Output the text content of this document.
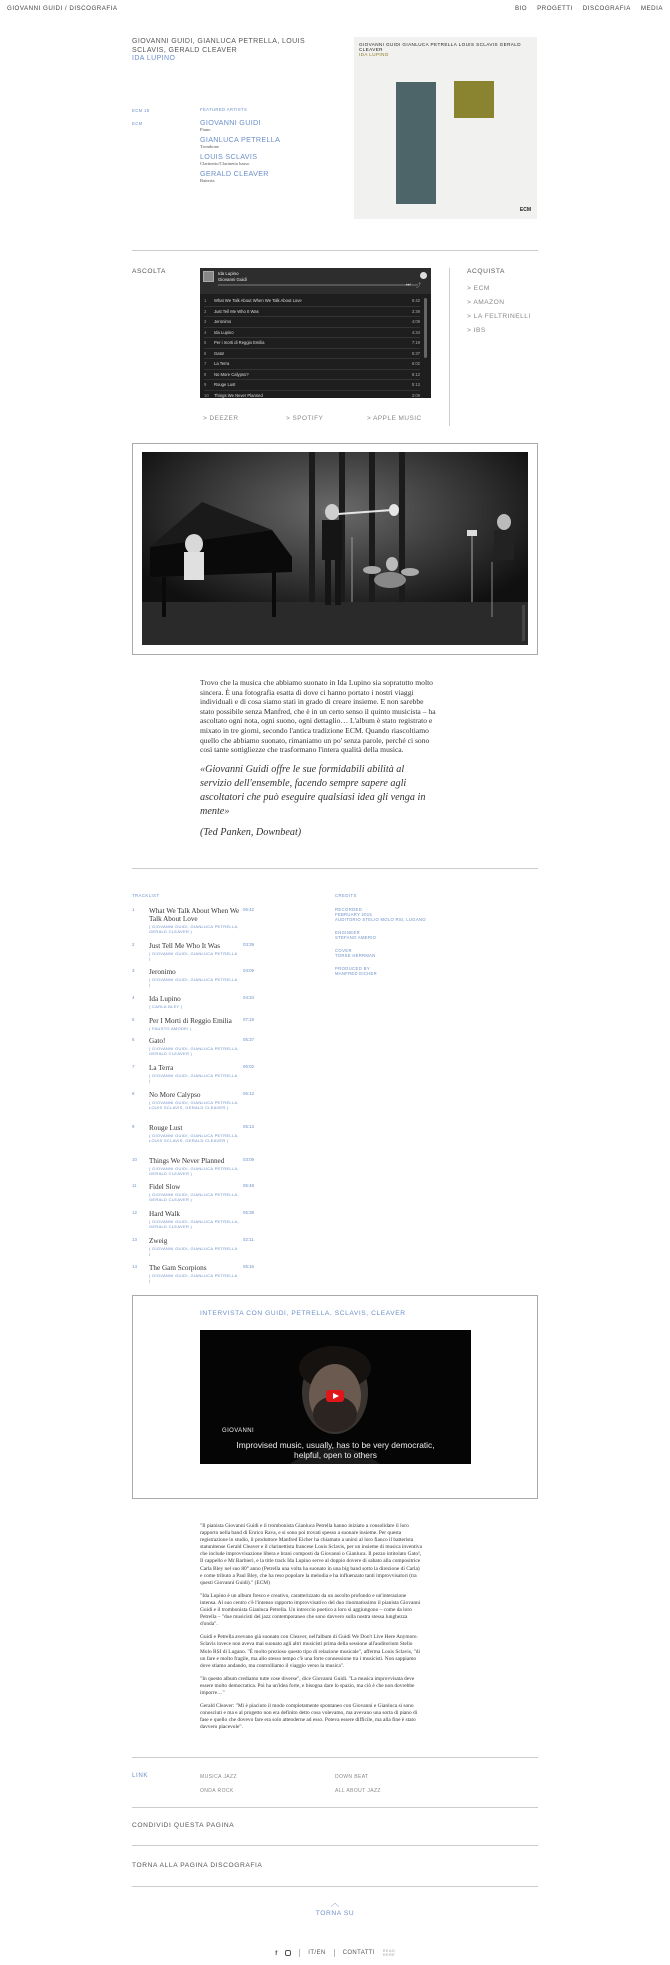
GIOVANNI GUIDI / DISCOGRAFIA	BIO PROGETTI DISCOGRAFIA MEDIA
GIOVANNI GUIDI, GIANLUCA PETRELLA, LOUIS SCLAVIS, GERALD CLEAVER
IDA LUPINO
ECM 18
ECM
FEATURED ARTISTS
GIOVANNI GUIDI
Piano
GIANLUCA PETRELLA
Trombone
LOUIS SCLAVIS
Clarinetto/Clarinetto basso
GERALD CLEAVER
Batteria
GIOVANNI GUIDI GIANLUCA PETRELLA LOUIS SCLAVIS GERALD CLEAVER
IDA LUPINO
ECM
ASCOLTA	Ida Lupino
Giovanni Guidi
⏭ ⤴
1	What We Talk About When We Talk About Love	6:42
2	Just Tell Me Who It Was	3:39
3	Jeronimo	4:09
4	Ida Lupino	4:34
5	Per i morti di Reggio Emilia	7:19
6	Gato!	5:37
7	La Terra	6:02
8	No More Calypso?	6:12
9	Rouge Lust	5:13
10	Things We Never Planned	3:09
> DEEZER	> SPOTIFY	> APPLE MUSIC
ACQUISTA
> ECM
> AMAZON
> LA FELTRINELLI
> IBS

Trovo che la musica che abbiamo suonato in Ida Lupino sia sopratutto molto sincera. È una fotografia esatta di dove ci hanno portato i nostri viaggi individuali e di cosa siamo stati in grado di creare insieme. E non sarebbe stato possibile senza Manfred, che è in un certo senso il quinto musicista – ha ascoltato ogni nota, ogni suono, ogni dettaglio… L'album è stato registrato e mixato in tre giorni, secondo l'antica tradizione ECM. Quando riascoltiamo quello che abbiamo suonato, rimaniamo un po' senza parole, perché ci sono così tante sottigliezze che trasformano l'intera qualità della musica.

«Giovanni Guidi offre le sue formidabili abilità al servizio dell'ensemble, facendo sempre sapere agli ascoltatori che può eseguire qualsiasi idea gli venga in mente»
(Ted Panken, Downbeat)
TRACKLIST
1 What We Talk About When We Talk About Love
( GIOVANNI GUIDI, GIANLUCA PETRELLA, GERALD CLEAVER )
06:42
2 Just Tell Me Who It Was
( GIOVANNI GUIDI, GIANLUCA PETRELLA )
03:39
3 Jeronimo
( GIOVANNI GUIDI, GIANLUCA PETRELLA )
04:09
4 Ida Lupino
( CARLA BLEY )
04:34
5 Per I Morti di Reggio Emilia
( FAUSTO AMODEI )
07:19
6 Gato!
( GIOVANNI GUIDI, GIANLUCA PETRELLA, GERALD CLEAVER )
05:37
7 La Terra
( GIOVANNI GUIDI, GIANLUCA PETRELLA )
06:02
8 No More Calypso
( GIOVANNI GUIDI, GIANLUCA PETRELLA, LOUIS SCLAVIS, GERALD CLEAVER )
06:12
9 Rouge Lust
( GIOVANNI GUIDI, GIANLUCA PETRELLA, LOUIS SCLAVIS, GERALD CLEAVER )
05:13
10 Things We Never Planned
( GIOVANNI GUIDI, GIANLUCA PETRELLA, GERALD CLEAVER )
03:09
11 Fidel Slow
( GIOVANNI GUIDI, GIANLUCA PETRELLA, GERALD CLEAVER )
05:48
12 Hard Walk
( GIOVANNI GUIDI, GIANLUCA PETRELLA, GERALD CLEAVER )
05:39
13 Zweig
( GIOVANNI GUIDI, GIANLUCA PETRELLA )
02:11
14 The Gam Scorpions
( GIOVANNI GUIDI, GIANLUCA PETRELLA )
05:16
CREDITS
RECORDED
FEBRUARY 2015
AUDITORIO STELIO MOLO RSI, LUGANO
ENGINEER
STEFANO AMERIO
COVER
TORSE HERRMAN
PRODUCED BY
MANFRED EICHER
INTERVISTA CON GUIDI, PETRELLA, SCLAVIS, CLEAVER
GIOVANNI
Improvised music, usually, has to be very democratic,
helpful, open to others

"Il pianista Giovanni Guidi e il trombonista Gianluca Petrella hanno iniziato a consolidare il loro rapporto nella band di Enrico Rava, e si sono poi trovati spesso a suonare insieme. Per questa registrazione in studio, il produttore Manfred Eicher ha chiamato a unirsi al loro fianco il batterista statunitense Gerald Cleaver e il clarinettista francese Louis Sclavis, per un insieme di musica inventiva che include improvvisazione libera e brani composti da Giovanni o Gianluca. Il pezzo intitolato Gato!, Il cappello e Mr Barbieri, e la title track Ida Lupino serve al doppio dovere di sabato alla compositrice Carla Bley nel suo 80° anno (Petrella una volta ha suonato in una big band sotto la direzione di Carla) e come tributo a Paul Bley, che ha reso popolare la melodia e ha influenzato tanti improvvisatori (tra questi Giovanni Guidi)." (ECM)

"Ida Lupino è un album fresco e creativo, caratterizzato da un ascolto profondo e un'interazione intensa. Al suo centro c'è l'intenso rapporto improvvisativo del duo rinomatissimo il pianista Giovanni Guidi e il trombonista Gianluca Petrella. Un intreccio poetico a loro si aggiungono – come da loro Petrella – "due musicisti del jazz contemporaneo che sono davvero sulla nostra stessa lunghezza d'onda".

Guidi e Petrella avevano già suonato con Cleaver, nell'album di Guidi We Don't Live Here Anymore. Sclavis invece non aveva mai suonato agli altri musicisti prima della sessione all'auditorium Stelio Molo RSI di Lugano. "È molto prezioso questo tipo di relazione musicale", afferma Louis Sclavis, "di un fare e molto fragile, ma allo stesso tempo c'è una forte connessione tra i musicisti. Non sappiamo dove stiamo andando, ma controlliamo il viaggio verso la musica".

"In questo album crediamo tutte cose diverse", dice Giovanni Guidi. "La musica improvvisata deve essere molto democratica. Poi ha un'idea forte, e bisogna dare lo spazio, ma ciò è che non dovrebbe imporre…"

Gerald Cleaver: "Mi è piaciuto il modo completamente spontaneo con Giovanni e Gianluca si sono conosciuti e ma e al progetto non era definito detto cosa volevamo, ma avevano una sorta di piano di fase e quello che dovevo fare era solo attenderne ad esso. Poteva essere difficile, ma alla fine è stato davvero piacevole".

LINK	MUSICA JAZZ	DOWN BEAT
ONDA ROCK	ALL ABOUT JAZZ
CONDIVIDI QUESTA PAGINA
TORNA ALLA PAGINA DISCOGRAFIA
︿
TORNA SU
f	IT/EN	CONTATTI READ HERE
